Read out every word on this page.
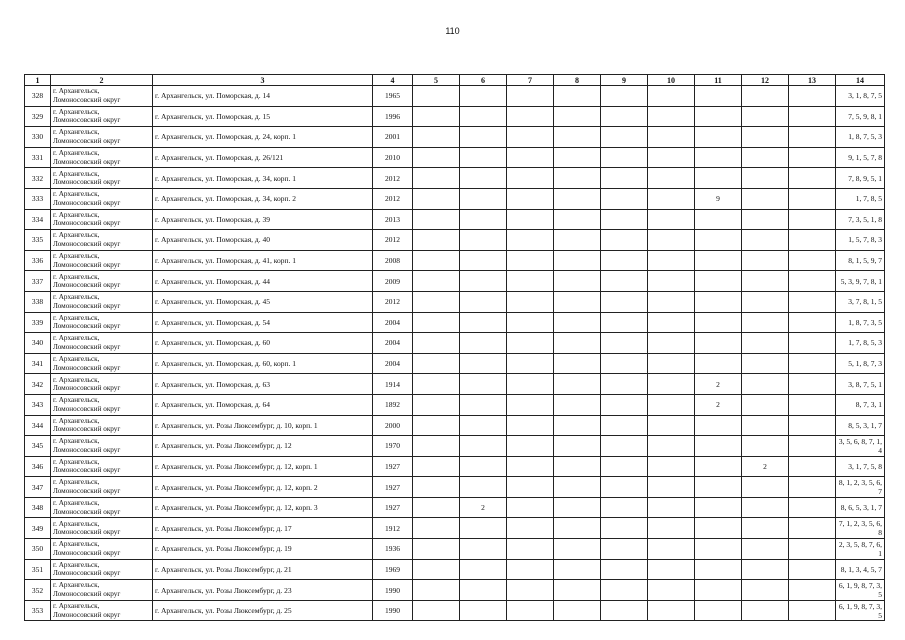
110
1	2	3	4	5	6	7	8	9	10	11	12	13	14
328	г. Архангельск,
Ломоносовский округ	г. Архангельск, ул. Поморская, д. 14	1965										3, 1, 8, 7, 5
329	г. Архангельск,
Ломоносовский округ	г. Архангельск, ул. Поморская, д. 15	1996										7, 5, 9, 8, 1
330	г. Архангельск,
Ломоносовский округ	г. Архангельск, ул. Поморская, д. 24, корп. 1	2001										1, 8, 7, 5, 3
331	г. Архангельск,
Ломоносовский округ	г. Архангельск, ул. Поморская, д. 26/121	2010										9, 1, 5, 7, 8
332	г. Архангельск,
Ломоносовский округ	г. Архангельск, ул. Поморская, д. 34, корп. 1	2012										7, 8, 9, 5, 1
333	г. Архангельск,
Ломоносовский округ	г. Архангельск, ул. Поморская, д. 34, корп. 2	2012							9			1, 7, 8, 5
334	г. Архангельск,
Ломоносовский округ	г. Архангельск, ул. Поморская, д. 39	2013										7, 3, 5, 1, 8
335	г. Архангельск,
Ломоносовский округ	г. Архангельск, ул. Поморская, д. 40	2012										1, 5, 7, 8, 3
336	г. Архангельск,
Ломоносовский округ	г. Архангельск, ул. Поморская, д. 41, корп. 1	2008										8, 1, 5, 9, 7
337	г. Архангельск,
Ломоносовский округ	г. Архангельск, ул. Поморская, д. 44	2009										5, 3, 9, 7, 8, 1
338	г. Архангельск,
Ломоносовский округ	г. Архангельск, ул. Поморская, д. 45	2012										3, 7, 8, 1, 5
339	г. Архангельск,
Ломоносовский округ	г. Архангельск, ул. Поморская, д. 54	2004										1, 8, 7, 3, 5
340	г. Архангельск,
Ломоносовский округ	г. Архангельск, ул. Поморская, д. 60	2004										1, 7, 8, 5, 3
341	г. Архангельск,
Ломоносовский округ	г. Архангельск, ул. Поморская, д. 60, корп. 1	2004										5, 1, 8, 7, 3
342	г. Архангельск,
Ломоносовский округ	г. Архангельск, ул. Поморская, д. 63	1914							2			3, 8, 7, 5, 1
343	г. Архангельск,
Ломоносовский округ	г. Архангельск, ул. Поморская, д. 64	1892							2			8, 7, 3, 1
344	г. Архангельск,
Ломоносовский округ	г. Архангельск, ул. Розы Люксембург, д. 10, корп. 1	2000										8, 5, 3, 1, 7
345	г. Архангельск,
Ломоносовский округ	г. Архангельск, ул. Розы Люксембург, д. 12	1970										3, 5, 6, 8, 7, 1, 4
346	г. Архангельск,
Ломоносовский округ	г. Архангельск, ул. Розы Люксембург, д. 12, корп. 1	1927								2		3, 1, 7, 5, 8
347	г. Архангельск,
Ломоносовский округ	г. Архангельск, ул. Розы Люксембург, д. 12, корп. 2	1927										8, 1, 2, 3, 5, 6, 7
348	г. Архангельск,
Ломоносовский округ	г. Архангельск, ул. Розы Люксембург, д. 12, корп. 3	1927		2								8, 6, 5, 3, 1, 7
349	г. Архангельск,
Ломоносовский округ	г. Архангельск, ул. Розы Люксембург, д. 17	1912										7, 1, 2, 3, 5, 6, 8
350	г. Архангельск,
Ломоносовский округ	г. Архангельск, ул. Розы Люксембург, д. 19	1936										2, 3, 5, 8, 7, 6, 1
351	г. Архангельск,
Ломоносовский округ	г. Архангельск, ул. Розы Люксембург, д. 21	1969										8, 1, 3, 4, 5, 7
352	г. Архангельск,
Ломоносовский округ	г. Архангельск, ул. Розы Люксембург, д. 23	1990										6, 1, 9, 8, 7, 3, 5
353	г. Архангельск,
Ломоносовский округ	г. Архангельск, ул. Розы Люксембург, д. 25	1990										6, 1, 9, 8, 7, 3, 5
